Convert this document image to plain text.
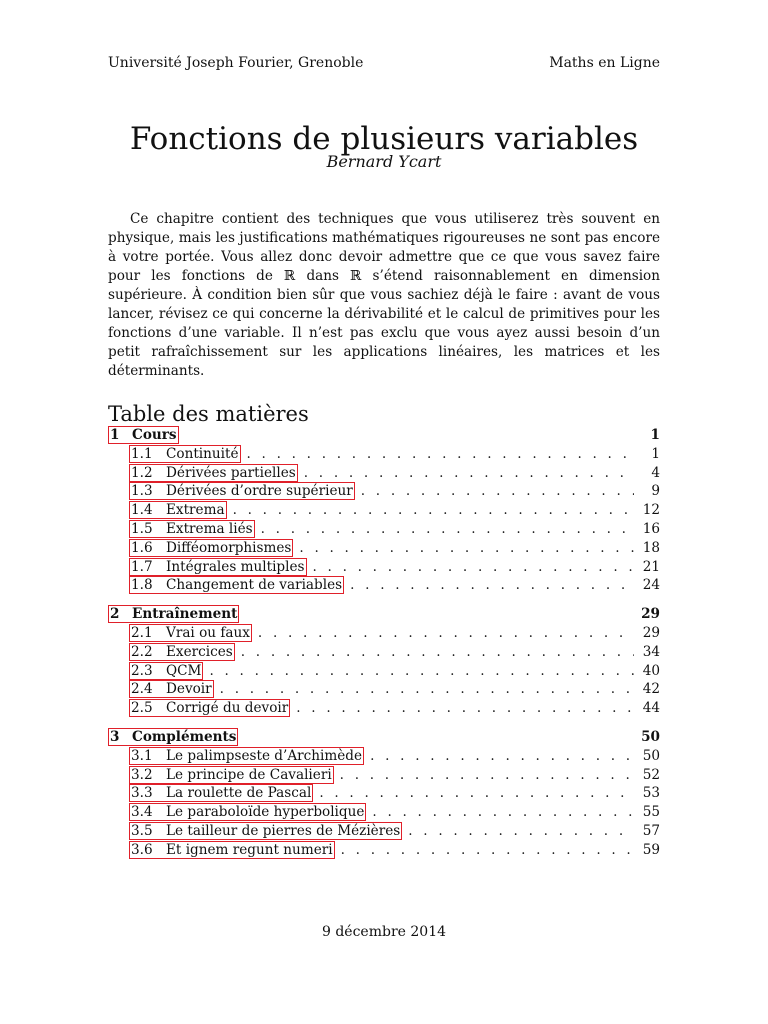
Université Joseph Fourier, Grenoble	Maths en Ligne
Fonctions de plusieurs variables
Bernard Ycart

Ce chapitre contient des techniques que vous utiliserez très souvent en physique, mais les justifications mathématiques rigoureuses ne sont pas encore à votre portée. Vous allez donc devoir admettre que ce que vous savez faire pour les fonctions de ℝ dans ℝ s’étend raisonnablement en dimension supérieure. À condition bien sûr que vous sachiez déjà le faire : avant de vous lancer, révisez ce qui concerne la dérivabilité et le calcul de primitives pour les fonctions d’une variable. Il n’est pas exclu que vous ayez aussi besoin d’un petit rafraîchissement sur les applications linéaires, les matrices et les déterminants.

Table des matières
1 Cours	1
1.1 Continuité . . .	1
1.2 Dérivées partielles . . .	4
1.3 Dérivées d’ordre supérieur . . .	9
1.4 Extrema . . .	12
1.5 Extrema liés . . .	16
1.6 Difféomorphismes . . .	18
1.7 Intégrales multiples . . .	21
1.8 Changement de variables . . .	24
2 Entraînement	29
2.1 Vrai ou faux . . .	29
2.2 Exercices . . .	34
2.3 QCM . . .	40
2.4 Devoir . . .	42
2.5 Corrigé du devoir . . .	44
3 Compléments	50
3.1 Le palimpseste d’Archimède . . .	50
3.2 Le principe de Cavalieri . . .	52
3.3 La roulette de Pascal . . .	53
3.4 Le paraboloïde hyperbolique . . .	55
3.5 Le tailleur de pierres de Mézières . . .	57
3.6 Et ignem regunt numeri . . .	59
9 décembre 2014
